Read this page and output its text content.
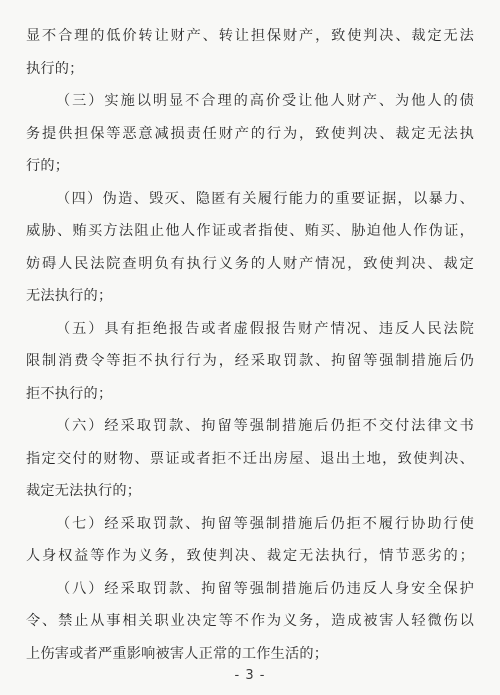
显不合理的低价转让财产、转让担保财产，致使判决、裁定无法
执行的；
（三）实施以明显不合理的高价受让他人财产、为他人的债
务提供担保等恶意减损责任财产的行为，致使判决、裁定无法执
行的；
（四）伪造、毁灭、隐匿有关履行能力的重要证据，以暴力、
威胁、贿买方法阻止他人作证或者指使、贿买、胁迫他人作伪证，
妨碍人民法院查明负有执行义务的人财产情况，致使判决、裁定
无法执行的；
（五）具有拒绝报告或者虚假报告财产情况、违反人民法院
限制消费令等拒不执行行为，经采取罚款、拘留等强制措施后仍
拒不执行的；
（六）经采取罚款、拘留等强制措施后仍拒不交付法律文书
指定交付的财物、票证或者拒不迁出房屋、退出土地，致使判决、
裁定无法执行的；
（七）经采取罚款、拘留等强制措施后仍拒不履行协助行使
人身权益等作为义务，致使判决、裁定无法执行，情节恶劣的；
（八）经采取罚款、拘留等强制措施后仍违反人身安全保护
令、禁止从事相关职业决定等不作为义务，造成被害人轻微伤以
上伤害或者严重影响被害人正常的工作生活的；
- 3 -
